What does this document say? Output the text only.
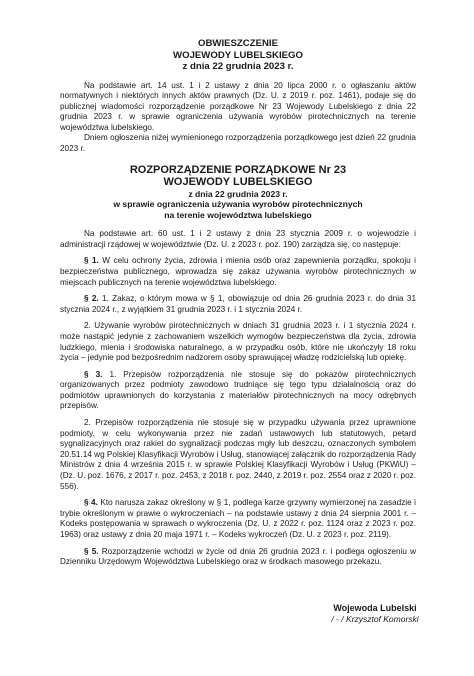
OBWIESZCZENIE
WOJEWODY LUBELSKIEGO
z dnia 22 grudnia 2023 r.

Na podstawie art. 14 ust. 1 i 2 ustawy z dnia 20 lipca 2000 r. o ogłaszaniu aktów normatywnych i niektórych innych aktów prawnych (Dz. U. z 2019 r. poz. 1461), podaje się do publicznej wiadomości rozporządzenie porządkowe Nr 23 Wojewody Lubelskiego z dnia 22 grudnia 2023 r. w sprawie ograniczenia używania wyrobów pirotechnicznych na terenie województwa lubelskiego.

Dniem ogłoszenia niżej wymienionego rozporządzenia porządkowego jest dzień 22 grudnia 2023 r.

ROZPORZĄDZENIE PORZĄDKOWE Nr 23
WOJEWODY LUBELSKIEGO
z dnia 22 grudnia 2023 r.
w sprawie ograniczenia używania wyrobów pirotechnicznych
na terenie województwa lubelskiego

Na podstawie art. 60 ust. 1 i 2 ustawy z dnia 23 stycznia 2009 r. o wojewodzie i administracji rządowej w województwie (Dz. U. z 2023 r. poz. 190) zarządza się, co następuje:

§ 1. W celu ochrony życia, zdrowia i mienia osób oraz zapewnienia porządku, spokoju i bezpieczeństwa publicznego, wprowadza się zakaz używania wyrobów pirotechnicznych w miejscach publicznych na terenie województwa lubelskiego.

§ 2. 1. Zakaz, o którym mowa w § 1, obowiązuje od dnia 26 grudnia 2023 r. do dnia 31 stycznia 2024 r., z wyjątkiem 31 grudnia 2023 r. i 1 stycznia 2024 r.

2. Używanie wyrobów pirotechnicznych w dniach 31 grudnia 2023 r. i 1 stycznia 2024 r. może nastąpić jedynie z zachowaniem wszelkich wymogów bezpieczeństwa dla życia, zdrowia ludzkiego, mienia i środowiska naturalnego, a w przypadku osób, które nie ukończyły 18 roku życia – jedynie pod bezpośrednim nadzorem osoby sprawującej władzę rodzicielską lub opiekę.

§ 3. 1. Przepisów rozporządzenia nie stosuje się do pokazów pirotechnicznych organizowanych przez podmioty zawodowo trudniące się tego typu działalnością oraz do podmiotów uprawnionych do korzystania z materiałów pirotechnicznych na mocy odrębnych przepisów.

2. Przepisów rozporządzenia nie stosuje się w przypadku używania przez uprawnione podmioty, w celu wykonywania przez nie zadań ustawowych lub statutowych, petard sygnalizacyjnych oraz rakiet do sygnalizacji podczas mgły lub deszczu, oznaczonych symbolem 20.51.14 wg Polskiej Klasyfikacji Wyrobów i Usług, stanowiącej załącznik do rozporządzenia Rady Ministrów z dnia 4 września 2015 r. w sprawie Polskiej Klasyfikacji Wyrobów i Usług (PKWiU) – (Dz. U. poz. 1676, z 2017 r. poz. 2453, z 2018 r. poz. 2440, z 2019 r. poz. 2554 oraz z 2020 r. poz. 556).

§ 4. Kto narusza zakaz określony w § 1, podlega karze grzywny wymierzonej na zasadzie i trybie określonym w prawie o wykroczeniach – na podstawie ustawy z dnia 24 sierpnia 2001 r. – Kodeks postępowania w sprawach o wykroczenia (Dz. U. z 2022 r. poz. 1124 oraz z 2023 r. poz. 1963) oraz ustawy z dnia 20 maja 1971 r. – Kodeks wykroczeń (Dz. U. z 2023 r. poz. 2119).

§ 5. Rozporządzenie wchodzi w życie od dnia 26 grudnia 2023 r. i podlega ogłoszeniu w Dzienniku Urzędowym Województwa Lubelskiego oraz w środkach masowego przekazu.

Wojewoda Lubelski
/ - / Krzysztof Komorski
